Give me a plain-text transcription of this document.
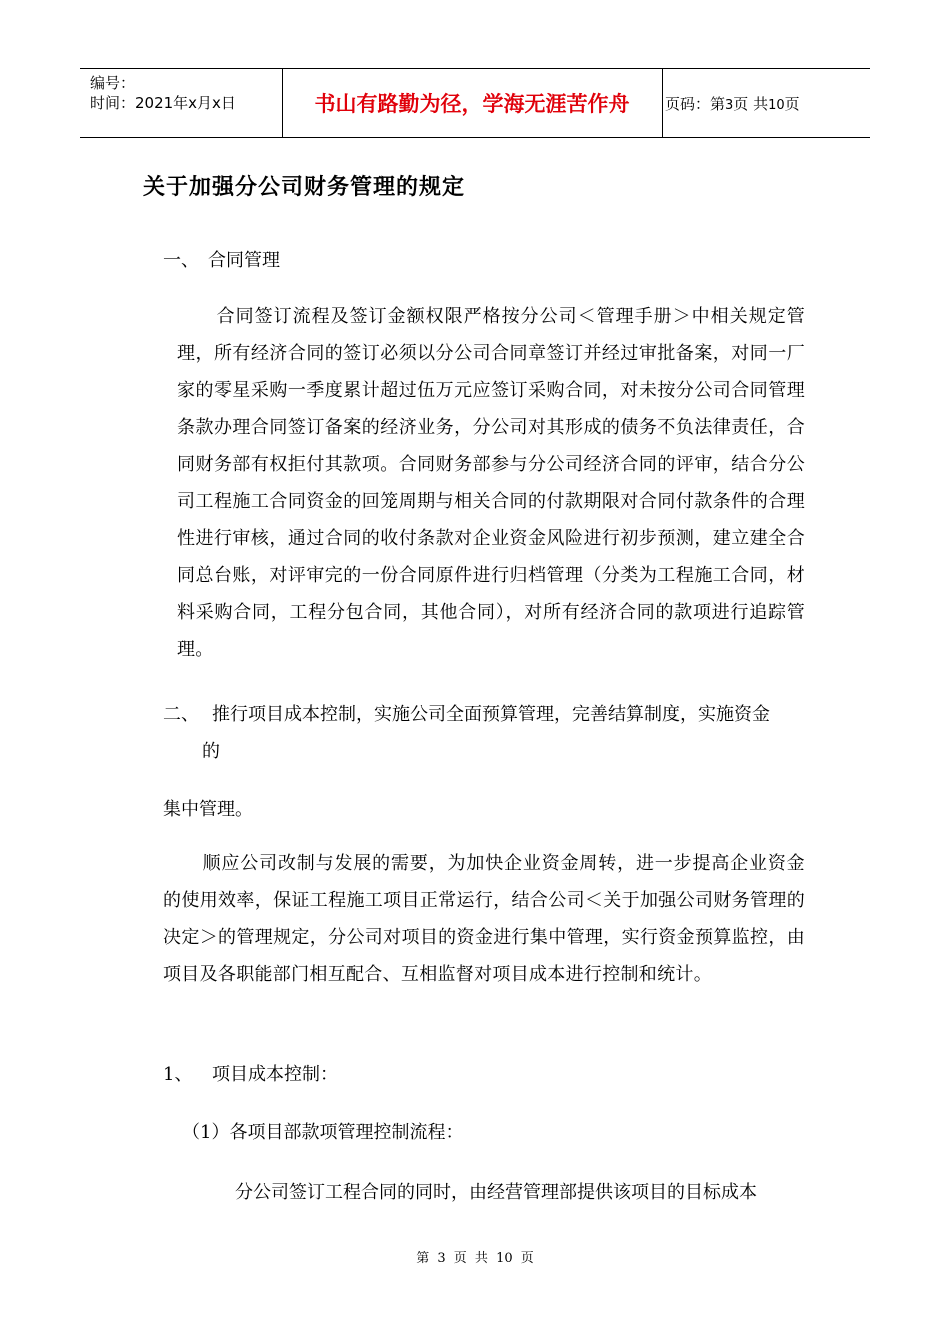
编号：
时间：2021年x月x日	书山有路勤为径，学海无涯苦作舟	页码：第3页 共10页
关于加强分公司财务管理的规定
一、　合同管理
合同签订流程及签订金额权限严格按分公司＜管理手册＞中相关规定管理，所有经济合同的签订必须以分公司合同章签订并经过审批备案，对同一厂家的零星采购一季度累计超过伍万元应签订采购合同，对未按分公司合同管理条款办理合同签订备案的经济业务，分公司对其形成的债务不负法律责任，合同财务部有权拒付其款项。合同财务部参与分公司经济合同的评审，结合分公司工程施工合同资金的回笼周期与相关合同的付款期限对合同付款条件的合理性进行审核，通过合同的收付条款对企业资金风险进行初步预测，建立建全合同总台账，对评审完的一份合同原件进行归档管理（分类为工程施工合同，材料采购合同，工程分包合同，其他合同），对所有经济合同的款项进行追踪管理。
二、 推行项目成本控制，实施公司全面预算管理，完善结算制度，实施资金
的
集中管理。
顺应公司改制与发展的需要，为加快企业资金周转，进一步提高企业资金的使用效率，保证工程施工项目正常运行，结合公司＜关于加强公司财务管理的决定＞的管理规定，分公司对项目的资金进行集中管理，实行资金预算监控，由项目及各职能部门相互配合、互相监督对项目成本进行控制和统计。
1、 项目成本控制：
（1）各项目部款项管理控制流程：
分公司签订工程合同的同时，由经营管理部提供该项目的目标成本
第 3 页 共 10 页
